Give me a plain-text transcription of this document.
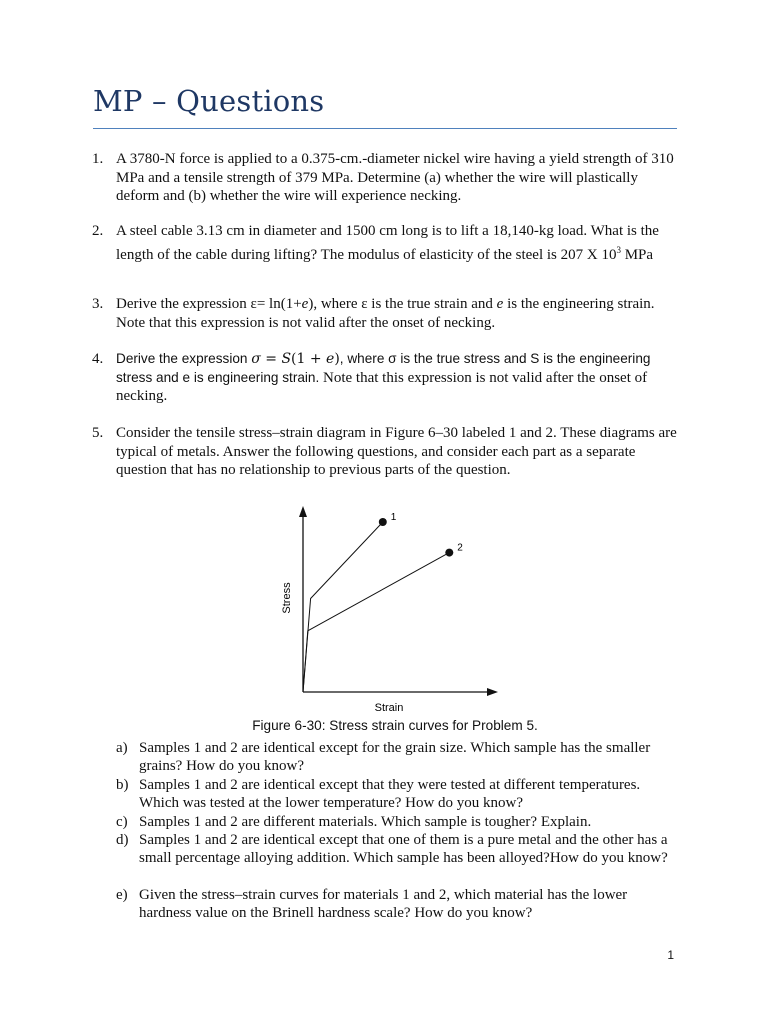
MP – Questions
1. A 3780-N force is applied to a 0.375-cm.-diameter nickel wire having a yield strength of 310 MPa and a tensile strength of 379 MPa. Determine (a) whether the wire will plastically deform and (b) whether the wire will experience necking.
2. A steel cable 3.13 cm in diameter and 1500 cm long is to lift a 18,140-kg load. What is the length of the cable during lifting? The modulus of elasticity of the steel is 207 X $10^3$ MPa
3. Derive the expression ε= ln(1+e), where ε is the true strain and e is the engineering strain. Note that this expression is not valid after the onset of necking.
4. Derive the expression σ = S(1 + e), where σ is the true stress and S is the engineering stress and e is engineering strain. Note that this expression is not valid after the onset of necking.
5. Consider the tensile stress–strain diagram in Figure 6–30 labeled 1 and 2. These diagrams are typical of metals. Answer the following questions, and consider each part as a separate question that has no relationship to previous parts of the question.
Strain
Stress
1
2
Figure 6-30: Stress strain curves for Problem 5.
a) Samples 1 and 2 are identical except for the grain size. Which sample has the smaller grains? How do you know?
b) Samples 1 and 2 are identical except that they were tested at different temperatures. Which was tested at the lower temperature? How do you know?
c) Samples 1 and 2 are different materials. Which sample is tougher? Explain.
d) Samples 1 and 2 are identical except that one of them is a pure metal and the other has a small percentage alloying addition. Which sample has been alloyed?How do you know?
e) Given the stress–strain curves for materials 1 and 2, which material has the lower hardness value on the Brinell hardness scale? How do you know?
1
